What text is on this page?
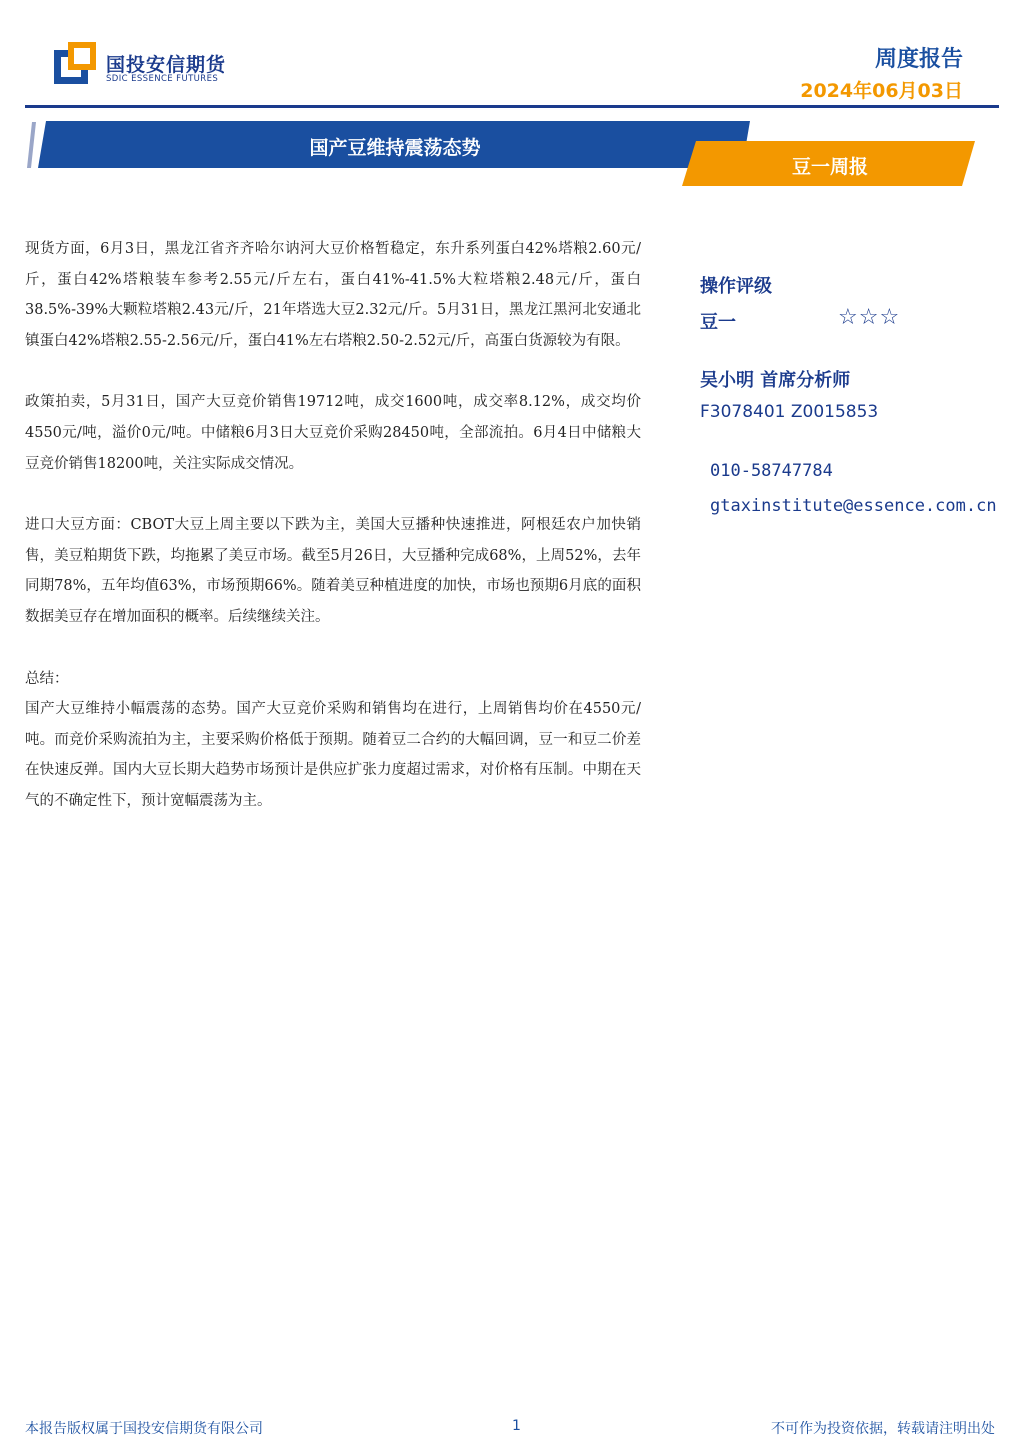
国投安信期货
SDIC ESSENCE FUTURES
周度报告
2024年06月03日
国产豆维持震荡态势
豆一周报

现货方面，6月3日，黑龙江省齐齐哈尔讷河大豆价格暂稳定，东升系列蛋白42%塔粮2.60元/斤，蛋白42%塔粮装车参考2.55元/斤左右，蛋白41%-41.5%大粒塔粮2.48元/斤，蛋白38.5%-39%大颗粒塔粮2.43元/斤，21年塔选大豆2.32元/斤。5月31日，黑龙江黑河北安通北镇蛋白42%塔粮2.55-2.56元/斤，蛋白41%左右塔粮2.50-2.52元/斤，高蛋白货源较为有限。

政策拍卖，5月31日，国产大豆竞价销售19712吨，成交1600吨，成交率8.12%，成交均价4550元/吨，溢价0元/吨。中储粮6月3日大豆竞价采购28450吨，全部流拍。6月4日中储粮大豆竞价销售18200吨，关注实际成交情况。

进口大豆方面：CBOT大豆上周主要以下跌为主，美国大豆播种快速推进，阿根廷农户加快销售，美豆粕期货下跌，均拖累了美豆市场。截至5月26日，大豆播种完成68%，上周52%，去年同期78%，五年均值63%，市场预期66%。随着美豆种植进度的加快，市场也预期6月底的面积数据美豆存在增加面积的概率。后续继续关注。

总结：

国产大豆维持小幅震荡的态势。国产大豆竞价采购和销售均在进行，上周销售均价在4550元/吨。而竞价采购流拍为主，主要采购价格低于预期。随着豆二合约的大幅回调，豆一和豆二价差在快速反弹。国内大豆长期大趋势市场预计是供应扩张力度超过需求，对价格有压制。中期在天气的不确定性下，预计宽幅震荡为主。

操作评级
豆一	☆☆☆
吴小明 首席分析师
F3078401 Z0015853
010-58747784
gtaxinstitute@essence.com.cn
本报告版权属于国投安信期货有限公司	1	不可作为投资依据，转载请注明出处
